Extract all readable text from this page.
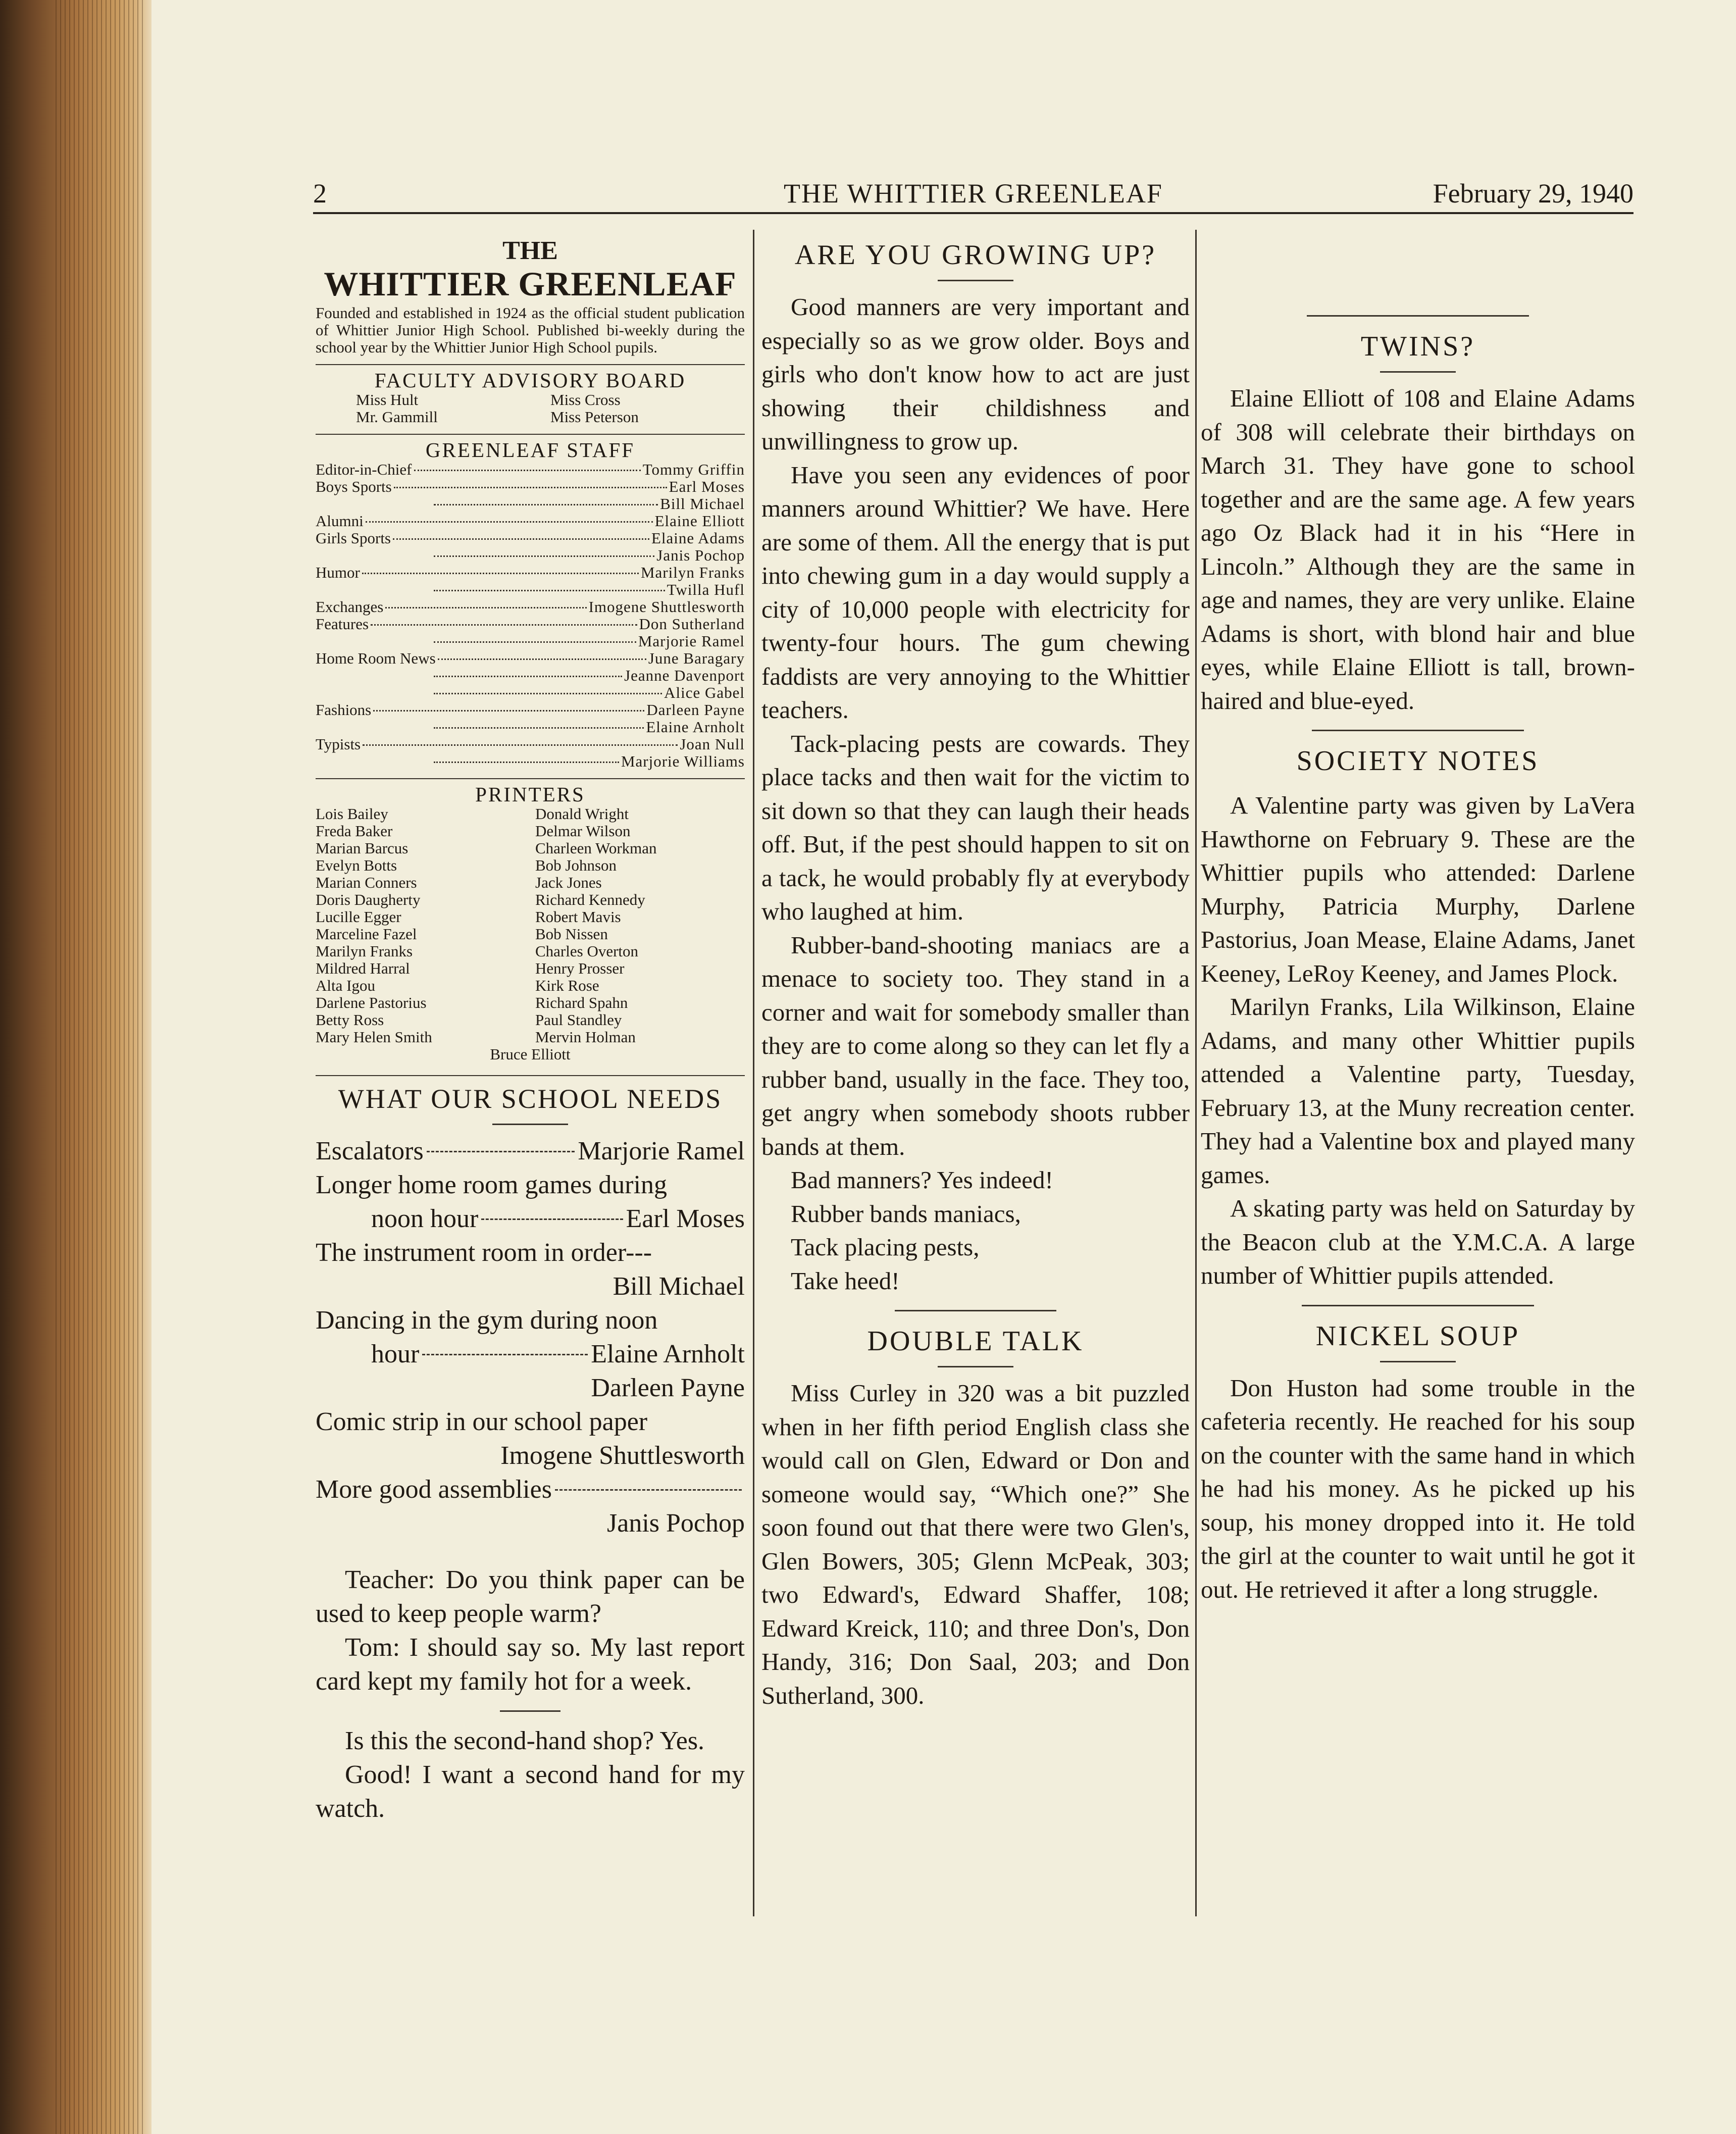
2	THE WHITTIER GREENLEAF	February 29, 1940
THE
WHITTIER GREENLEAF
Founded and established in 1924 as the official student publication of Whittier Junior High School. Published bi-weekly during the school year by the Whittier Junior High School pupils.
FACULTY ADVISORY BOARD
Miss Hult	Miss Cross
Mr. Gammill	Miss Peterson
GREENLEAF STAFF
Editor-in-Chief	Tommy Griffin
Boys Sports	Earl Moses
Bill Michael
Alumni	Elaine Elliott
Girls Sports	Elaine Adams
Janis Pochop
Humor	Marilyn Franks
Twilla Hufl
Exchanges	Imogene Shuttlesworth
Features	Don Sutherland
Marjorie Ramel
Home Room News	June Baragary
Jeanne Davenport
Alice Gabel
Fashions	Darleen Payne
Elaine Arnholt
Typists	Joan Null
Marjorie Williams
PRINTERS
Lois Bailey	Donald Wright
Freda Baker	Delmar Wilson
Marian Barcus	Charleen Workman
Evelyn Botts	Bob Johnson
Marian Conners	Jack Jones
Doris Daugherty	Richard Kennedy
Lucille Egger	Robert Mavis
Marceline Fazel	Bob Nissen
Marilyn Franks	Charles Overton
Mildred Harral	Henry Prosser
Alta Igou	Kirk Rose
Darlene Pastorius	Richard Spahn
Betty Ross	Paul Standley
Mary Helen Smith	Mervin Holman
Bruce Elliott
WHAT OUR SCHOOL NEEDS
Escalators	Marjorie Ramel
Longer home room games during
noon hour	Earl Moses
The instrument room in order---
Bill Michael
Dancing in the gym during noon
hour	Elaine Arnholt
Darleen Payne
Comic strip in our school paper
Imogene Shuttlesworth
More good assemblies
Janis Pochop

Teacher: Do you think paper can be used to keep people warm?

Tom: I should say so. My last report card kept my family hot for a week.

Is this the second-hand shop? Yes.

Good! I want a second hand for my watch.

ARE YOU GROWING UP?

Good manners are very important and especially so as we grow older. Boys and girls who don't know how to act are just showing their childishness and unwillingness to grow up.

Have you seen any evidences of poor manners around Whittier? We have. Here are some of them. All the energy that is put into chewing gum in a day would supply a city of 10,000 people with electricity for twenty-four hours. The gum chewing faddists are very annoying to the Whittier teachers.

Tack-placing pests are cowards. They place tacks and then wait for the victim to sit down so that they can laugh their heads off. But, if the pest should happen to sit on a tack, he would probably fly at everybody who laughed at him.

Rubber-band-shooting maniacs are a menace to society too. They stand in a corner and wait for somebody smaller than they are to come along so they can let fly a rubber band, usually in the face. They too, get angry when somebody shoots rubber bands at them.

Bad manners? Yes indeed!
Rubber bands maniacs,
Tack placing pests,
Take heed!
DOUBLE TALK

Miss Curley in 320 was a bit puzzled when in her fifth period English class she would call on Glen, Edward or Don and someone would say, “Which one?” She soon found out that there were two Glen's, Glen Bowers, 305; Glenn McPeak, 303; two Edward's, Edward Shaffer, 108; Edward Kreick, 110; and three Don's, Don Handy, 316; Don Saal, 203; and Don Sutherland, 300.

TWINS?

Elaine Elliott of 108 and Elaine Adams of 308 will celebrate their birthdays on March 31. They have gone to school together and are the same age. A few years ago Oz Black had it in his “Here in Lincoln.” Although they are the same in age and names, they are very unlike. Elaine Adams is short, with blond hair and blue eyes, while Elaine Elliott is tall, brown-haired and blue-eyed.

SOCIETY NOTES

A Valentine party was given by LaVera Hawthorne on February 9. These are the Whittier pupils who attended: Darlene Murphy, Patricia Murphy, Darlene Pastorius, Joan Mease, Elaine Adams, Janet Keeney, LeRoy Keeney, and James Plock.

Marilyn Franks, Lila Wilkinson, Elaine Adams, and many other Whittier pupils attended a Valentine party, Tuesday, February 13, at the Muny recreation center. They had a Valentine box and played many games.

A skating party was held on Saturday by the Beacon club at the Y.M.C.A. A large number of Whittier pupils attended.

NICKEL SOUP

Don Huston had some trouble in the cafeteria recently. He reached for his soup on the counter with the same hand in which he had his money. As he picked up his soup, his money dropped into it. He told the girl at the counter to wait until he got it out. He retrieved it after a long struggle.
